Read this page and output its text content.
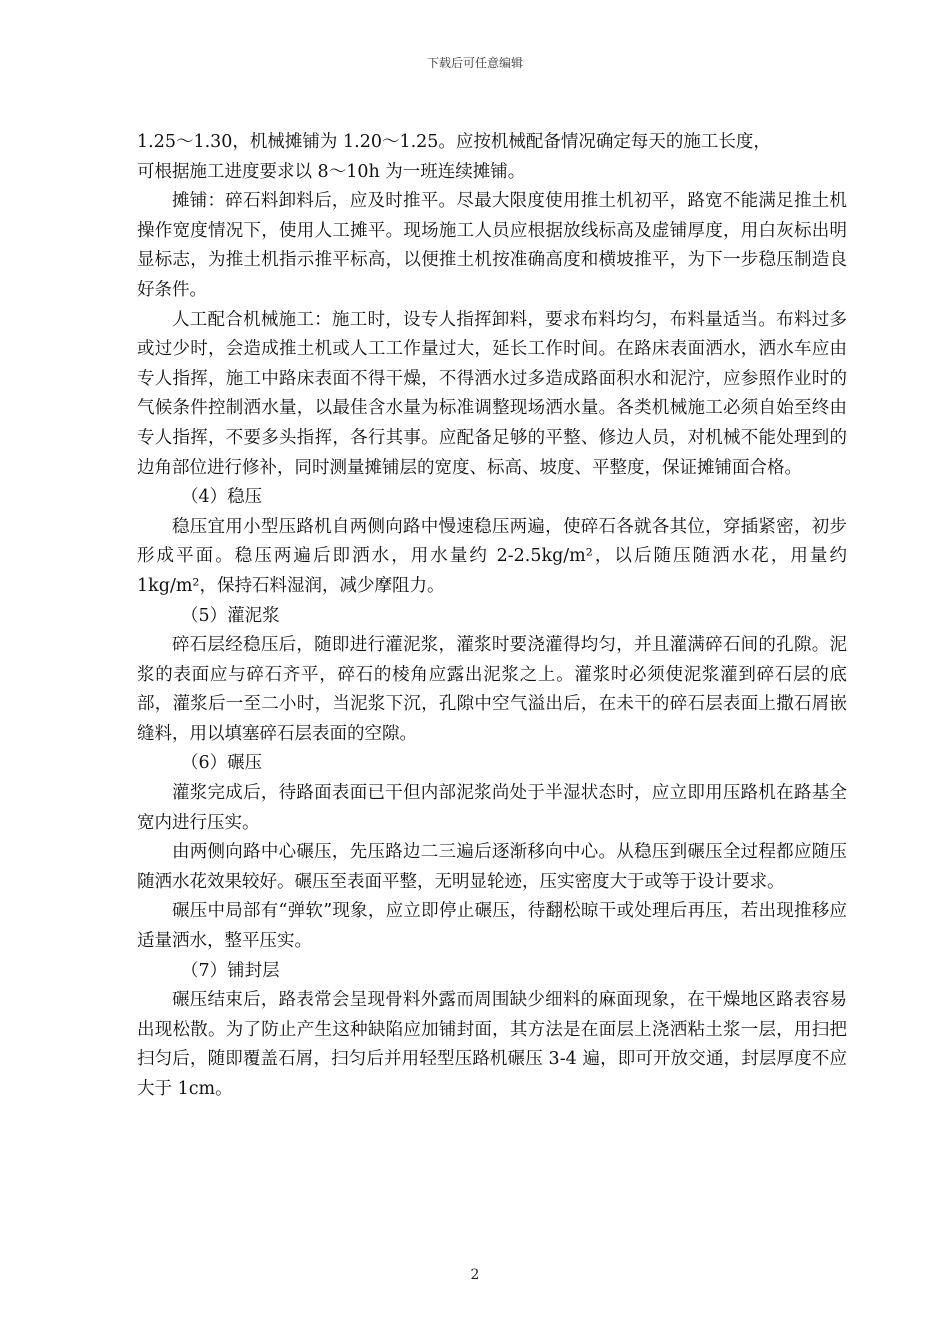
下载后可任意编辑

1.25～1.30，机械摊铺为 1.20～1.25。应按机械配备情况确定每天的施工长度，

可根据施工进度要求以 8～10h 为一班连续摊铺。

摊铺：碎石料卸料后，应及时推平。尽最大限度使用推土机初平，路宽不能满足推土机操作宽度情况下，使用人工摊平。现场施工人员应根据放线标高及虚铺厚度，用白灰标出明显标志，为推土机指示推平标高，以便推土机按准确高度和横坡推平，为下一步稳压制造良好条件。

人工配合机械施工：施工时，设专人指挥卸料，要求布料均匀，布料量适当。布料过多或过少时，会造成推土机或人工工作量过大，延长工作时间。在路床表面洒水，洒水车应由专人指挥，施工中路床表面不得干燥，不得洒水过多造成路面积水和泥泞，应参照作业时的气候条件控制洒水量，以最佳含水量为标准调整现场洒水量。各类机械施工必须自始至终由专人指挥，不要多头指挥，各行其事。应配备足够的平整、修边人员，对机械不能处理到的边角部位进行修补，同时测量摊铺层的宽度、标高、坡度、平整度，保证摊铺面合格。

（4）稳压

稳压宜用小型压路机自两侧向路中慢速稳压两遍，使碎石各就各其位，穿插紧密，初步形成平面。稳压两遍后即洒水，用水量约 2-2.5kg/m²，以后随压随洒水花，用量约 1kg/m²，保持石料湿润，减少摩阻力。

（5）灌泥浆

碎石层经稳压后，随即进行灌泥浆，灌浆时要浇灌得均匀，并且灌满碎石间的孔隙。泥浆的表面应与碎石齐平，碎石的棱角应露出泥浆之上。灌浆时必须使泥浆灌到碎石层的底部，灌浆后一至二小时，当泥浆下沉，孔隙中空气溢出后，在未干的碎石层表面上撒石屑嵌缝料，用以填塞碎石层表面的空隙。

（6）碾压

灌浆完成后，待路面表面已干但内部泥浆尚处于半湿状态时，应立即用压路机在路基全宽内进行压实。

由两侧向路中心碾压，先压路边二三遍后逐渐移向中心。从稳压到碾压全过程都应随压随洒水花效果较好。碾压至表面平整，无明显轮迹，压实密度大于或等于设计要求。

碾压中局部有“弹软”现象，应立即停止碾压，待翻松晾干或处理后再压，若出现推移应适量洒水，整平压实。

（7）铺封层

碾压结束后，路表常会呈现骨料外露而周围缺少细料的麻面现象，在干燥地区路表容易出现松散。为了防止产生这种缺陷应加铺封面，其方法是在面层上浇洒粘土浆一层，用扫把扫匀后，随即覆盖石屑，扫匀后并用轻型压路机碾压 3-4 遍，即可开放交通，封层厚度不应大于 1cm。

2
